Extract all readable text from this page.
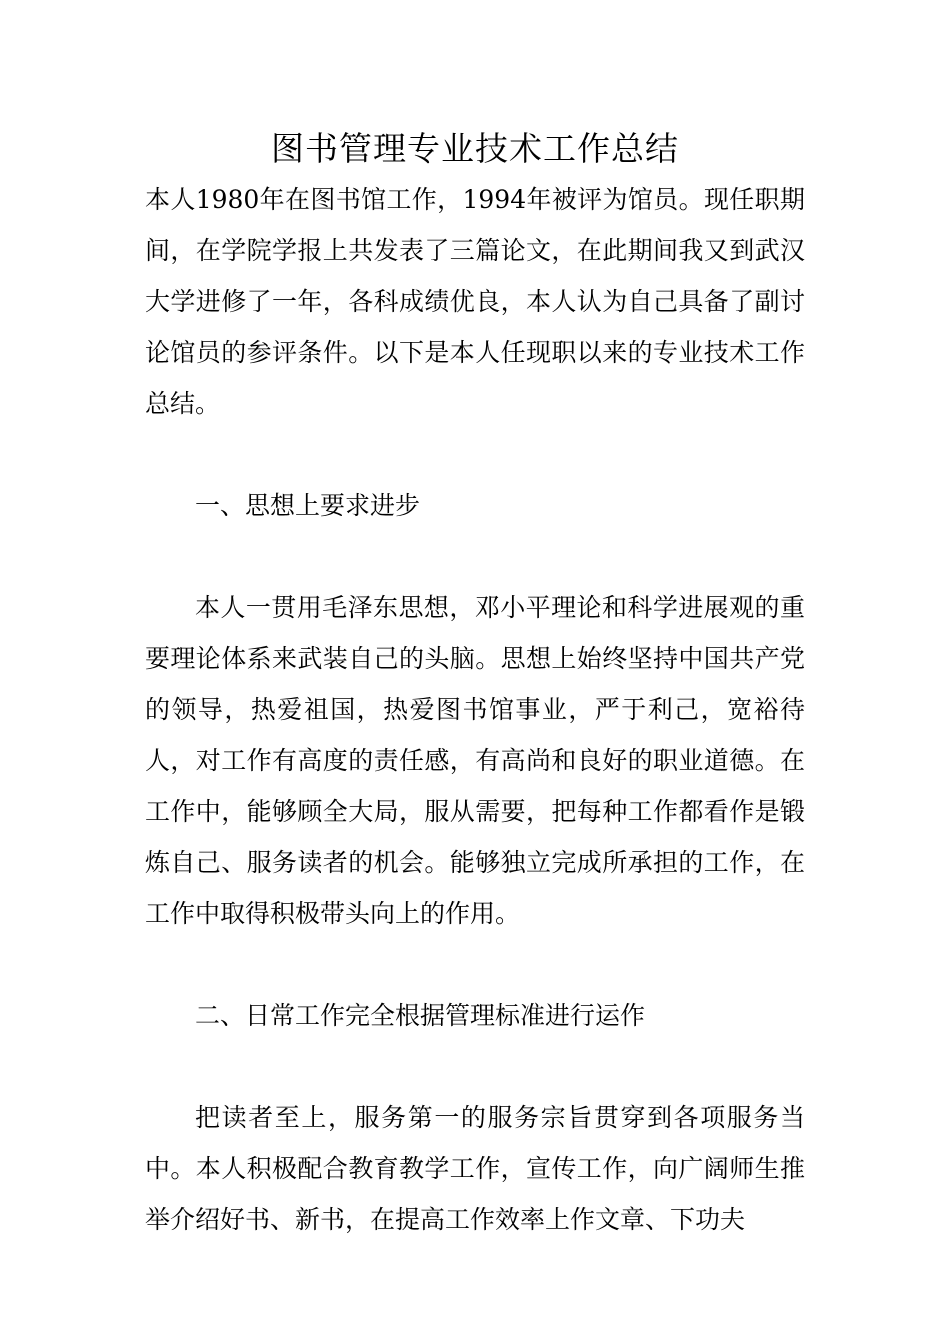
图书管理专业技术工作总结

本人1980年在图书馆工作，1994年被评为馆员。现任职期间，在学院学报上共发表了三篇论文，在此期间我又到武汉大学进修了一年，各科成绩优良，本人认为自己具备了副讨论馆员的参评条件。以下是本人任现职以来的专业技术工作总结。

一、思想上要求进步

本人一贯用毛泽东思想，邓小平理论和科学进展观的重要理论体系来武装自己的头脑。思想上始终坚持中国共产党的领导，热爱祖国，热爱图书馆事业，严于利己，宽裕待人，对工作有高度的责任感，有高尚和良好的职业道德。在工作中，能够顾全大局，服从需要，把每种工作都看作是锻炼自己、服务读者的机会。能够独立完成所承担的工作，在工作中取得积极带头向上的作用。

二、日常工作完全根据管理标准进行运作

把读者至上，服务第一的服务宗旨贯穿到各项服务当中。本人积极配合教育教学工作，宣传工作，向广阔师生推举介绍好书、新书，在提高工作效率上作文章、下功夫
